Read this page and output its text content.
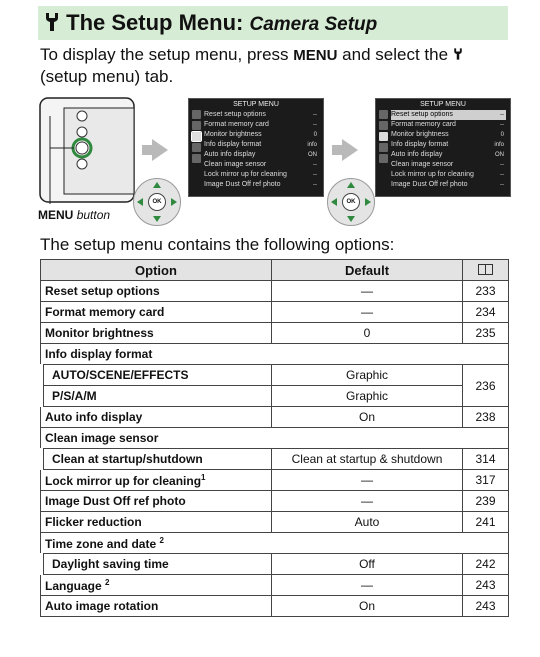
The Setup Menu: Camera Setup
To display the setup menu, press MENU and select the  (setup menu) tab.
MENU button
SETUP MENU
Reset setup options	--
Format memory card	--
Monitor brightness	0
Info display format	info
Auto info display	ON
Clean image sensor	--
Lock mirror up for cleaning	--
Image Dust Off ref photo	--
OK
SETUP MENU
Reset setup options	--
Format memory card	--
Monitor brightness	0
Info display format	info
Auto info display	ON
Clean image sensor	--
Lock mirror up for cleaning	--
Image Dust Off ref photo	--
OK
The setup menu contains the following options:
Option	Default	
Reset setup options	—	233
Format memory card	—	234
Monitor brightness	0	235
Info display format		
AUTO/SCENE/EFFECTS	Graphic	236
P/S/A/M	Graphic	
Auto info display	On	238
Clean image sensor		
Clean at startup/shutdown	Clean at startup & shutdown	314
Lock mirror up for cleaning$^1$	—	317
Image Dust Off ref photo	—	239
Flicker reduction	Auto	241
Time zone and date $^2$
Daylight saving time	Off	242
Language $^2$	—	243
Auto image rotation	On	243
